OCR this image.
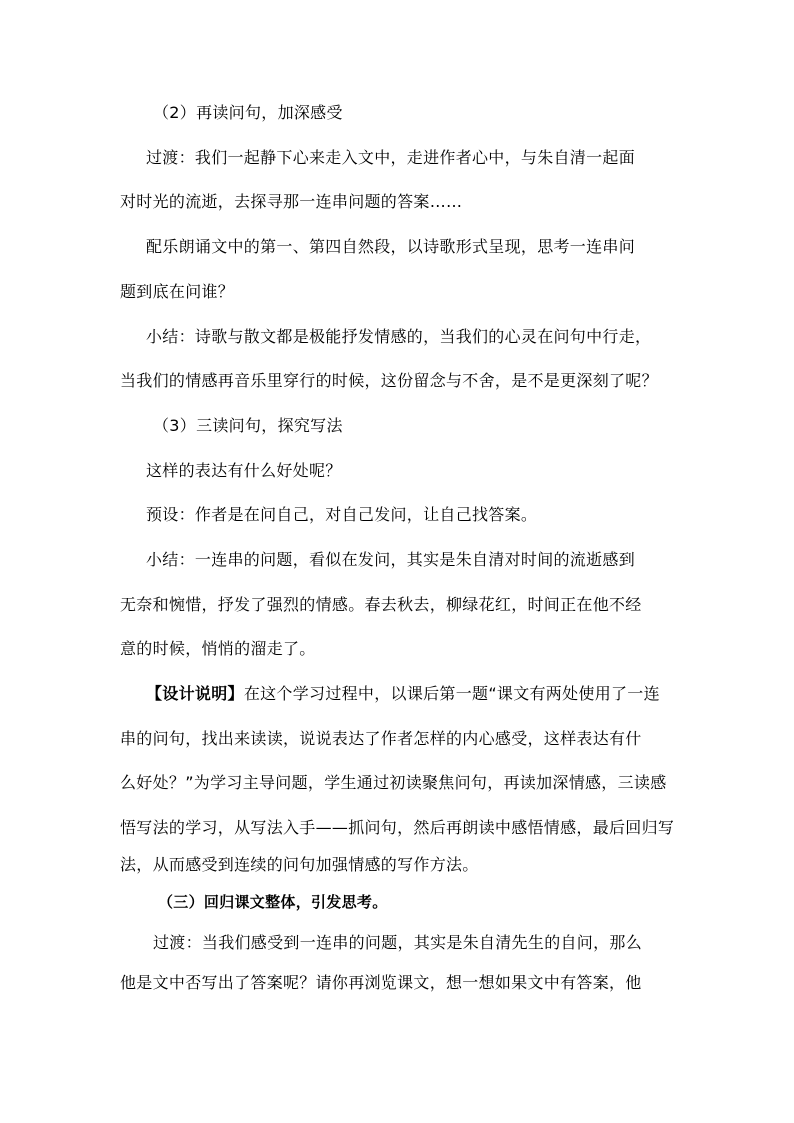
（2）再读问句，加深感受
过渡：我们一起静下心来走入文中，走进作者心中，与朱自清一起面
对时光的流逝，去探寻那一连串问题的答案……
配乐朗诵文中的第一、第四自然段，以诗歌形式呈现，思考一连串问
题到底在问谁？
小结：诗歌与散文都是极能抒发情感的，当我们的心灵在问句中行走，
当我们的情感再音乐里穿行的时候，这份留念与不舍，是不是更深刻了呢？
（3）三读问句，探究写法
这样的表达有什么好处呢？
预设：作者是在问自己，对自己发问，让自己找答案。
小结：一连串的问题，看似在发问，其实是朱自清对时间的流逝感到
无奈和惋惜，抒发了强烈的情感。春去秋去，柳绿花红，时间正在他不经
意的时候，悄悄的溜走了。
【设计说明】在这个学习过程中，以课后第一题“课文有两处使用了一连
串的问句，找出来读读，说说表达了作者怎样的内心感受，这样表达有什
么好处？”为学习主导问题，学生通过初读聚焦问句，再读加深情感，三读感
悟写法的学习，从写法入手——抓问句，然后再朗读中感悟情感，最后回归写
法，从而感受到连续的问句加强情感的写作方法。
（三）回归课文整体，引发思考。
过渡：当我们感受到一连串的问题，其实是朱自清先生的自问，那么
他是文中否写出了答案呢？请你再浏览课文，想一想如果文中有答案，他
